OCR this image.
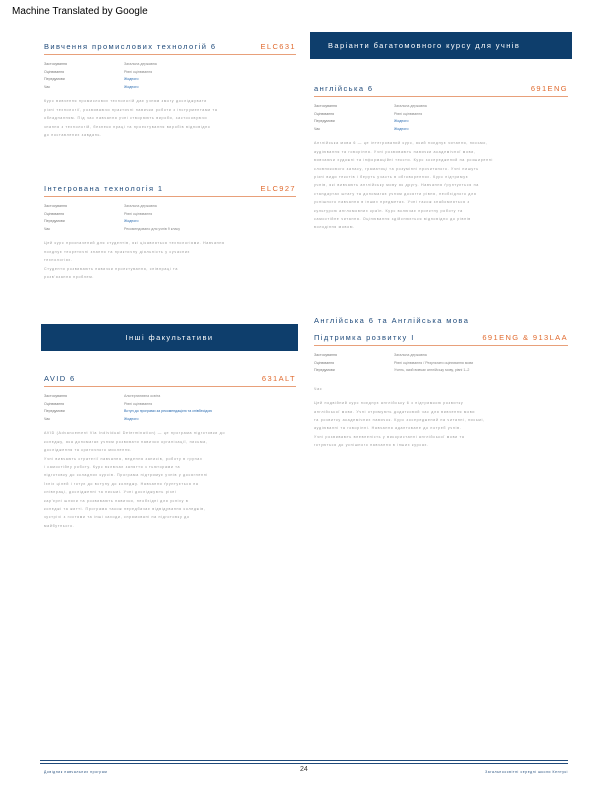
Machine Translated by Google
Вивчення промислових технологій 6	ELC631
Застосування	Загальна державна
Оцінювання	Рівні оцінювання
Передумови	Жодного
Час	Жодного

Курс вивчення промислових технологій дає учням змогу досліджувати

різні технології, розвиваючи практичні навички роботи з інструментами та

обладнанням. Під час навчання учні створюють вироби, застосовуючи

знання з технологій, безпеки праці та проектування виробів відповідно

до поставлених завдань.

Інтегрована технологія 1	ELC927
Застосування	Загальна державна
Оцінювання	Рівні оцінювання
Передумови	Жодного
Час	Рекомендовано для учнів 9 класу

Цей курс призначений для студентів, які цікавляться технологіями. Навчання

поєднує теоретичні знання та практичну діяльність у сучасних

технологіях.

Студенти розвивають навички проектування, співпраці та

розв'язання проблем.

Інші факультативи
AVID 6	631ALT
Застосування	Альтернативна освіта
Оцінювання	Рівні оцінювання
Передумови	Вступ до програми за рекомендацією та співбесідою
Час	Жодного

AVID (Advancement Via Individual Determination) — це програма підготовки до

коледжу, яка допомагає учням розвивати навички організації, письма,

дослідження та критичного мислення.

Учні вивчають стратегії навчання, ведення записів, роботу в групах

і самостійну роботу. Курс включає заняття з тьюторами та

підготовку до складних курсів. Програма підтримує учнів у досягненні

їхніх цілей і готує до вступу до коледжу. Навчання ґрунтується на

співпраці, дослідженні та письмі. Учні досліджують різні

кар'єрні шляхи та розвивають навички, необхідні для успіху в

коледжі та житті. Програма також передбачає відвідування коледжів,

зустрічі з гостями та інші заходи, спрямовані на підготовку до

майбутнього.

Варіанти багатомовного курсу для учнів
англійська 6	691ENG
Застосування	Загальна державна
Оцінювання	Рівні оцінювання
Передумови	Жодного
Час	Жодного

Англійська мова 6 — це інтегрований курс, який поєднує читання, письмо,

аудіювання та говоріння. Учні розвивають навички академічної мови,

вивчаючи художні та інформаційні тексти. Курс зосереджений на розширенні

словникового запасу, граматиці та розумінні прочитаного. Учні пишуть

різні види текстів і беруть участь в обговореннях. Курс підтримує

учнів, які вивчають англійську мову як другу. Навчання ґрунтується на

стандартах штату та допомагає учням досягти рівня, необхідного для

успішного навчання в інших предметах. Учні також знайомляться з

культурою англомовних країн. Курс включає проектну роботу та

самостійне читання. Оцінювання здійснюється відповідно до рівнів

володіння мовою.

Англійська 6 та Англійська мова
Підтримка розвитку I	691ENG & 913LAA
Застосування	Загальна державна
Оцінювання	Рівні оцінювання / Результати оцінювання мови
Передумови	Учень, який вивчає англійську мову, рівні 1–2

Час

Цей подвійний курс поєднує англійську 6 з підтримкою розвитку

англійської мови. Учні отримують додатковий час для вивчення мови

та розвитку академічних навичок. Курс зосереджений на читанні, письмі,

аудіюванні та говорінні. Навчання адаптоване до потреб учнів.

Учні розвивають впевненість у використанні англійської мови та

готуються до успішного навчання в інших курсах.

Довідник навчальних програм	24	Загальноосвітні середні школи Кентукі
